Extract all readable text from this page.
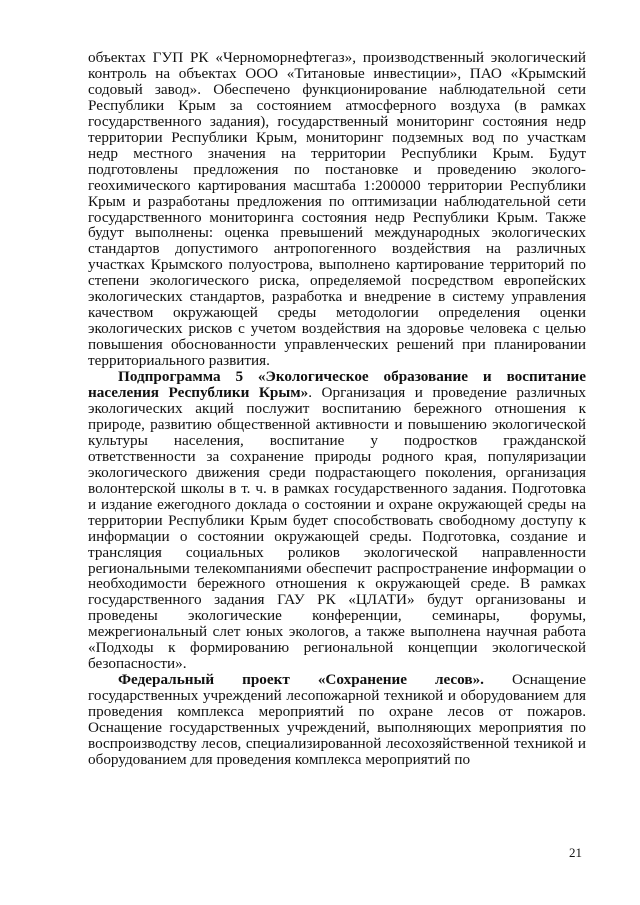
объектах ГУП РК «Черноморнефтегаз», производственный экологический контроль на объектах ООО «Титановые инвестиции», ПАО «Крымский содовый завод». Обеспечено функционирование наблюдательной сети Республики Крым за состоянием атмосферного воздуха (в рамках государственного задания), государственный мониторинг состояния недр территории Республики Крым, мониторинг подземных вод по участкам недр местного значения на территории Республики Крым. Будут подготовлены предложения по постановке и проведению эколого-геохимического картирования масштаба 1:200000 территории Республики Крым и разработаны предложения по оптимизации наблюдательной сети государственного мониторинга состояния недр Республики Крым. Также будут выполнены: оценка превышений международных экологических стандартов допустимого антропогенного воздействия на различных участках Крымского полуострова, выполнено картирование территорий по степени экологического риска, определяемой посредством европейских экологических стандартов, разработка и внедрение в систему управления качеством окружающей среды методологии определения оценки экологических рисков с учетом воздействия на здоровье человека с целью повышения обоснованности управленческих решений при планировании территориального развития.

Подпрограмма 5 «Экологическое образование и воспитание населения Республики Крым». Организация и проведение различных экологических акций послужит воспитанию бережного отношения к природе, развитию общественной активности и повышению экологической культуры населения, воспитание у подростков гражданской ответственности за сохранение природы родного края, популяризации экологического движения среди подрастающего поколения, организация волонтерской школы в т. ч. в рамках государственного задания. Подготовка и издание ежегодного доклада о состоянии и охране окружающей среды на территории Республики Крым будет способствовать свободному доступу к информации о состоянии окружающей среды. Подготовка, создание и трансляция социальных роликов экологической направленности региональными телекомпаниями обеспечит распространение информации о необходимости бережного отношения к окружающей среде. В рамках государственного задания ГАУ РК «ЦЛАТИ» будут организованы и проведены экологические конференции, семинары, форумы, межрегиональный слет юных экологов, а также выполнена научная работа «Подходы к формированию региональной концепции экологической безопасности».

Федеральный проект «Сохранение лесов». Оснащение государственных учреждений лесопожарной техникой и оборудованием для проведения комплекса мероприятий по охране лесов от пожаров. Оснащение государственных учреждений, выполняющих мероприятия по воспроизводству лесов, специализированной лесохозяйственной техникой и оборудованием для проведения комплекса мероприятий по

21
